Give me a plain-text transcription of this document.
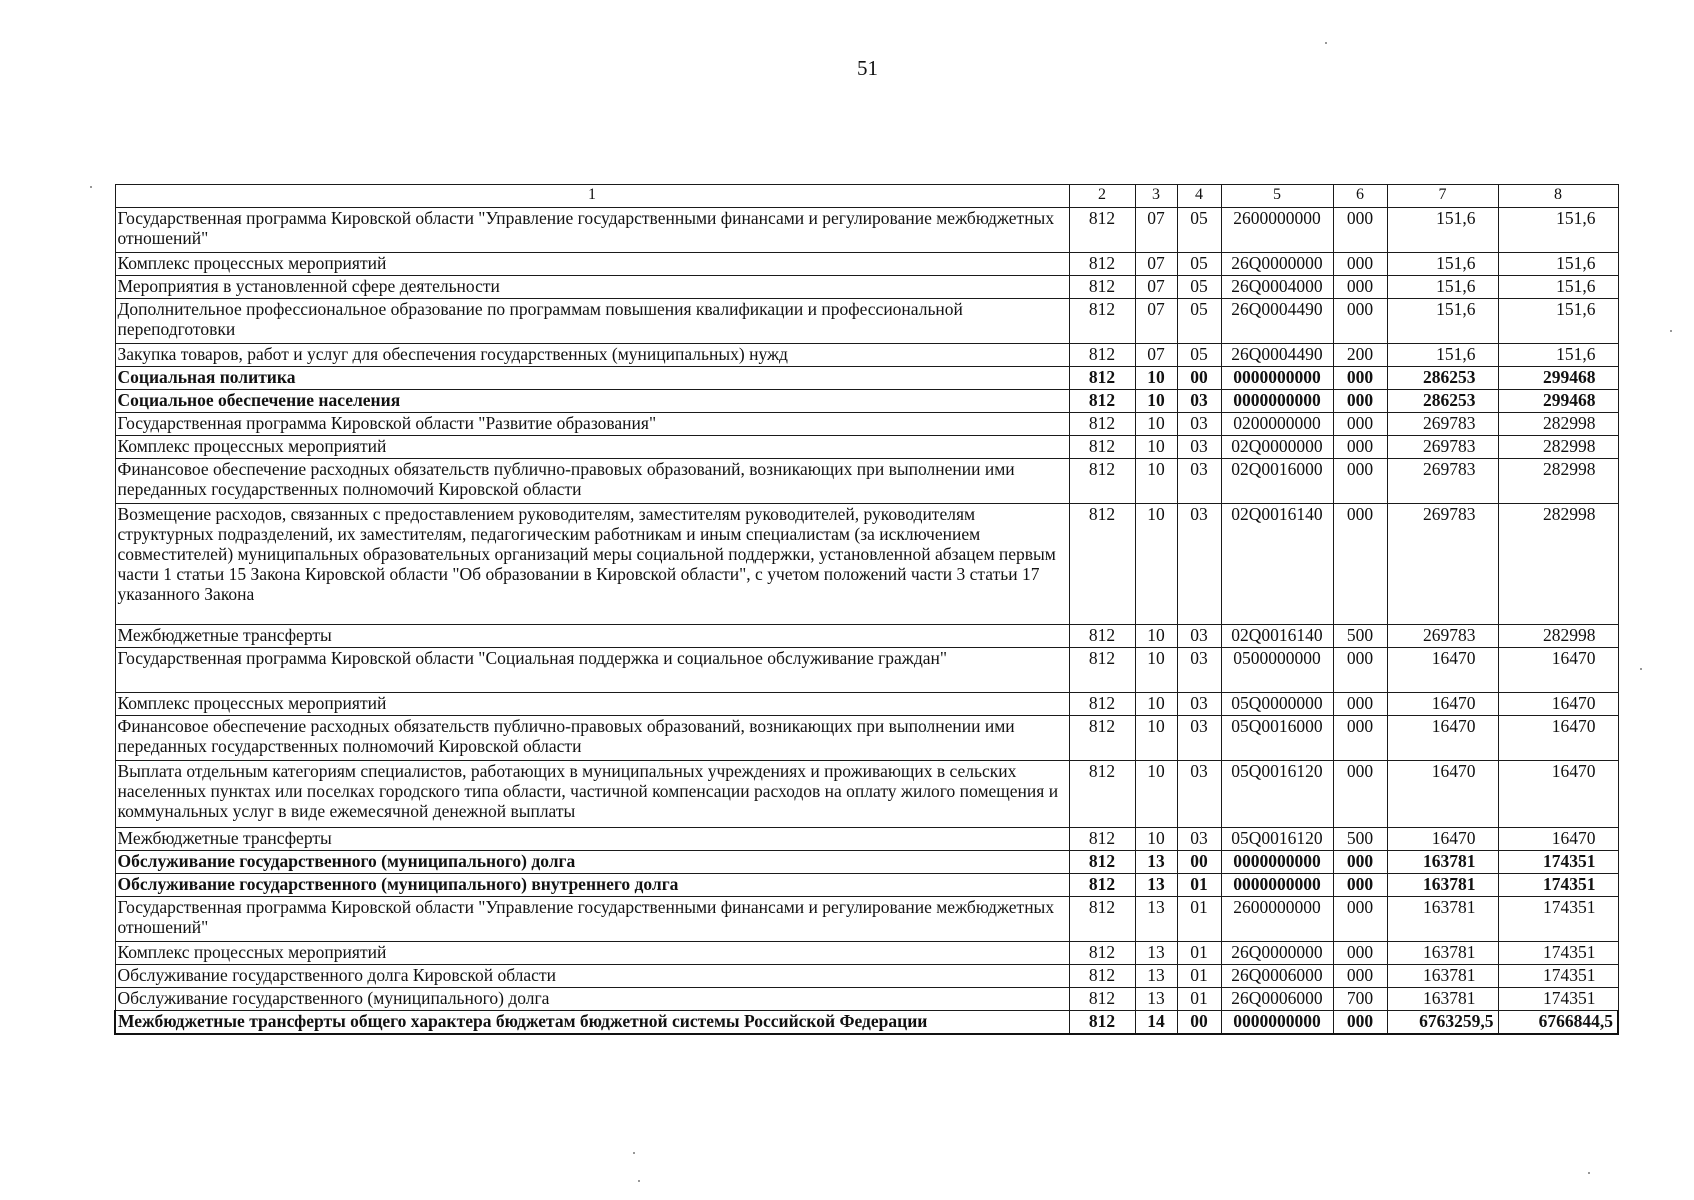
51
1	2	3	4	5	6	7	8
Государственная программа Кировской области "Управление государственными финансами и регулирование межбюджетных отношений"	812	07	05	2600000000	000	151,6	151,6
Комплекс процессных мероприятий	812	07	05	26Q0000000	000	151,6	151,6
Мероприятия в установленной сфере деятельности	812	07	05	26Q0004000	000	151,6	151,6
Дополнительное профессиональное образование по программам повышения квалификации и профессиональной переподготовки	812	07	05	26Q0004490	000	151,6	151,6
Закупка товаров, работ и услуг для обеспечения государственных (муниципальных) нужд	812	07	05	26Q0004490	200	151,6	151,6
Социальная политика	812	10	00	0000000000	000	286253	299468
Социальное обеспечение населения	812	10	03	0000000000	000	286253	299468
Государственная программа Кировской области "Развитие образования"	812	10	03	0200000000	000	269783	282998
Комплекс процессных мероприятий	812	10	03	02Q0000000	000	269783	282998
Финансовое обеспечение расходных обязательств публично-правовых образований, возникающих при выполнении ими переданных государственных полномочий Кировской области	812	10	03	02Q0016000	000	269783	282998
Возмещение расходов, связанных с предоставлением руководителям, заместителям руководителей, руководителям структурных подразделений, их заместителям, педагогическим работникам и иным специалистам (за исключением совместителей) муниципальных образовательных организаций меры социальной поддержки, установленной абзацем первым части 1 статьи 15 Закона Кировской области "Об образовании в Кировской области", с учетом положений части 3 статьи 17 указанного Закона	812	10	03	02Q0016140	000	269783	282998
Межбюджетные трансферты	812	10	03	02Q0016140	500	269783	282998
Государственная программа Кировской области "Социальная поддержка и социальное обслуживание граждан"	812	10	03	0500000000	000	16470	16470
Комплекс процессных мероприятий	812	10	03	05Q0000000	000	16470	16470
Финансовое обеспечение расходных обязательств публично-правовых образований, возникающих при выполнении ими переданных государственных полномочий Кировской области	812	10	03	05Q0016000	000	16470	16470
Выплата отдельным категориям специалистов, работающих в муниципальных учреждениях и проживающих в сельских населенных пунктах или поселках городского типа области, частичной компенсации расходов на оплату жилого помещения и коммунальных услуг в виде ежемесячной денежной выплаты	812	10	03	05Q0016120	000	16470	16470
Межбюджетные трансферты	812	10	03	05Q0016120	500	16470	16470
Обслуживание государственного (муниципального) долга	812	13	00	0000000000	000	163781	174351
Обслуживание государственного (муниципального) внутреннего долга	812	13	01	0000000000	000	163781	174351
Государственная программа Кировской области "Управление государственными финансами и регулирование межбюджетных отношений"	812	13	01	2600000000	000	163781	174351
Комплекс процессных мероприятий	812	13	01	26Q0000000	000	163781	174351
Обслуживание государственного долга Кировской области	812	13	01	26Q0006000	000	163781	174351
Обслуживание государственного (муниципального) долга	812	13	01	26Q0006000	700	163781	174351
Межбюджетные трансферты общего характера бюджетам бюджетной системы Российской Федерации	812	14	00	0000000000	000	6763259,5	6766844,5
